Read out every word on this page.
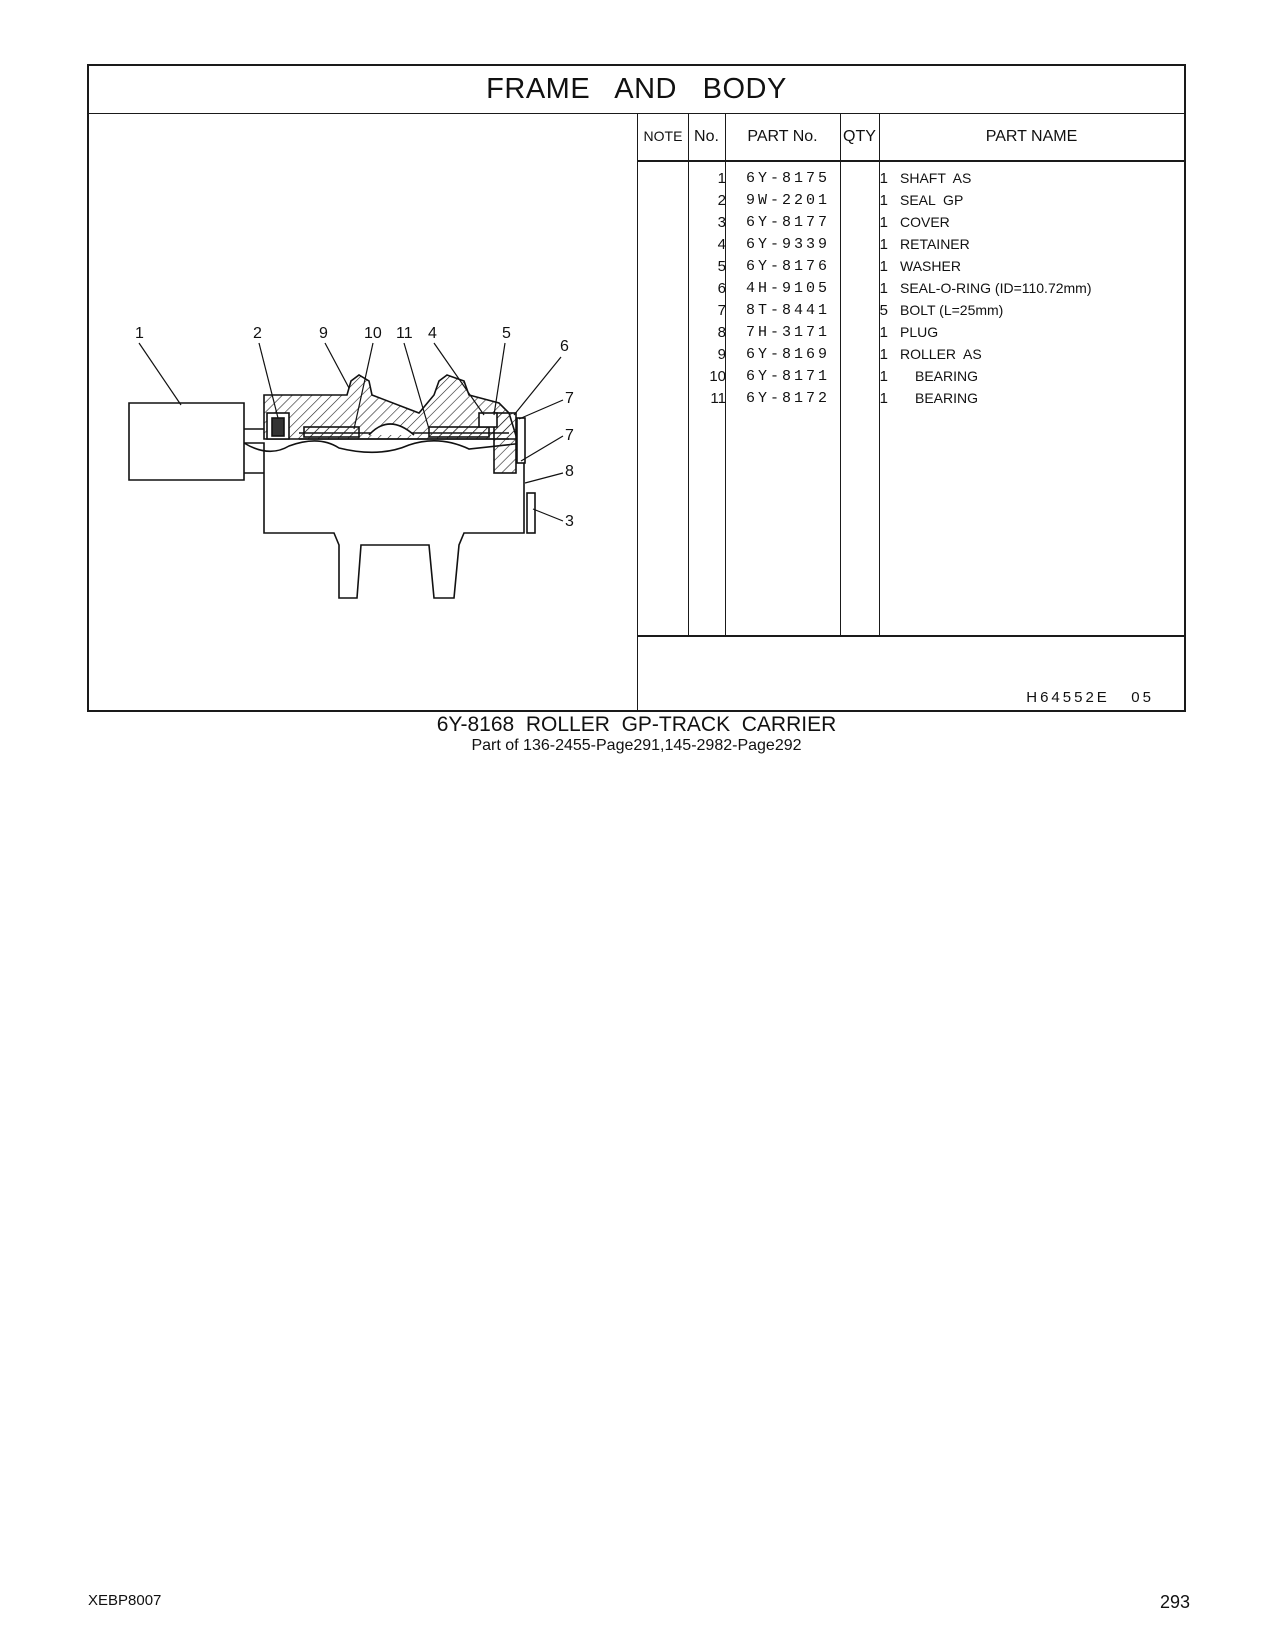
FRAME   AND   BODY
1	2	9 10 11 4	5
6
7
7
8
3
NOTE No.	PART No.	QTY	PART NAME
1	6Y-8175	1 SHAFT  AS
2	9W-2201	1 SEAL  GP
3	6Y-8177	1 COVER
4	6Y-9339	1 RETAINER
5	6Y-8176	1 WASHER
6	4H-9105	1 SEAL-O-RING (ID=110.72mm)
7	8T-8441	5 BOLT (L=25mm)
8	7H-3171	1 PLUG
9	6Y-8169	1 ROLLER  AS
10	6Y-8171	1 BEARING
11	6Y-8172	1 BEARING
H64552E   05
6Y-8168  ROLLER  GP-TRACK  CARRIER
Part of 136-2455-Page291,145-2982-Page292
XEBP8007	293
